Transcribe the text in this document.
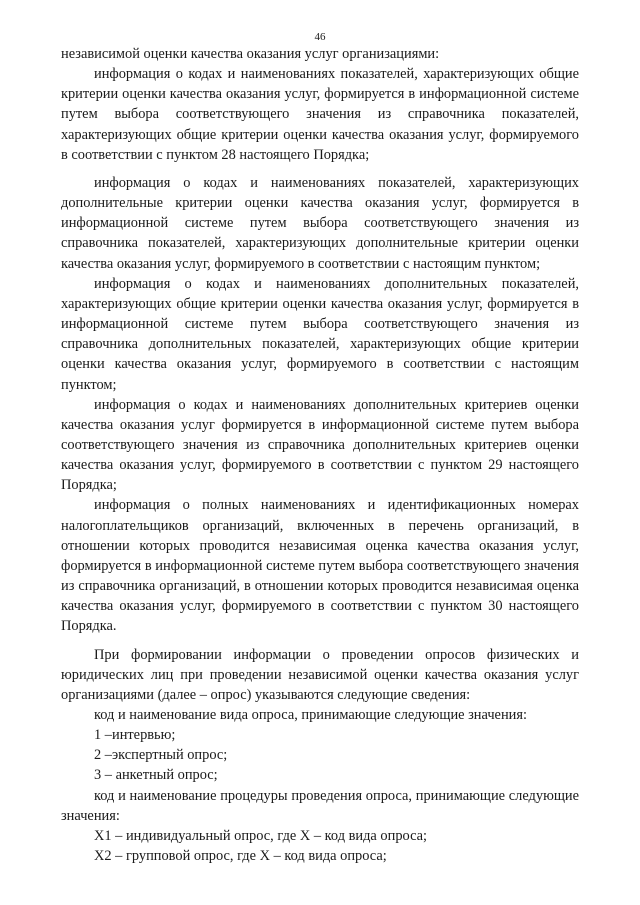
46

независимой оценки качества оказания услуг организациями:

информация о кодах и наименованиях показателей, характеризующих общие критерии оценки качества оказания услуг, формируется в информационной системе путем выбора соответствующего значения из справочника показателей, характеризующих общие критерии оценки качества оказания услуг, формируемого в соответствии с пунктом 28 настоящего Порядка;

информация о кодах и наименованиях показателей, характеризующих дополнительные критерии оценки качества оказания услуг, формируется в информационной системе путем выбора соответствующего значения из справочника показателей, характеризующих дополнительные критерии оценки качества оказания услуг, формируемого в соответствии с настоящим пунктом;

информация о кодах и наименованиях дополнительных показателей, характеризующих общие критерии оценки качества оказания услуг, формируется в информационной системе путем выбора соответствующего значения из справочника дополнительных показателей, характеризующих общие критерии оценки качества оказания услуг, формируемого в соответствии с настоящим пунктом;

информация о кодах и наименованиях дополнительных критериев оценки качества оказания услуг формируется в информационной системе путем выбора соответствующего значения из справочника дополнительных критериев оценки качества оказания услуг, формируемого в соответствии с пунктом 29 настоящего Порядка;

информация о полных наименованиях и идентификационных номерах налогоплательщиков организаций, включенных в перечень организаций, в отношении которых проводится независимая оценка качества оказания услуг, формируется в информационной системе путем выбора соответствующего значения из справочника организаций, в отношении которых проводится независимая оценка качества оказания услуг, формируемого в соответствии с пунктом 30 настоящего Порядка.

При формировании информации о проведении опросов физических и юридических лиц при проведении независимой оценки качества оказания услуг организациями (далее – опрос) указываются следующие сведения:

код и наименование вида опроса, принимающие следующие значения:

1 –интервью;

2 –экспертный опрос;

3 – анкетный опрос;

код и наименование процедуры проведения опроса, принимающие следующие значения:

X1 – индивидуальный опрос, где X – код вида опроса;

X2 – групповой опрос, где X – код вида опроса;
